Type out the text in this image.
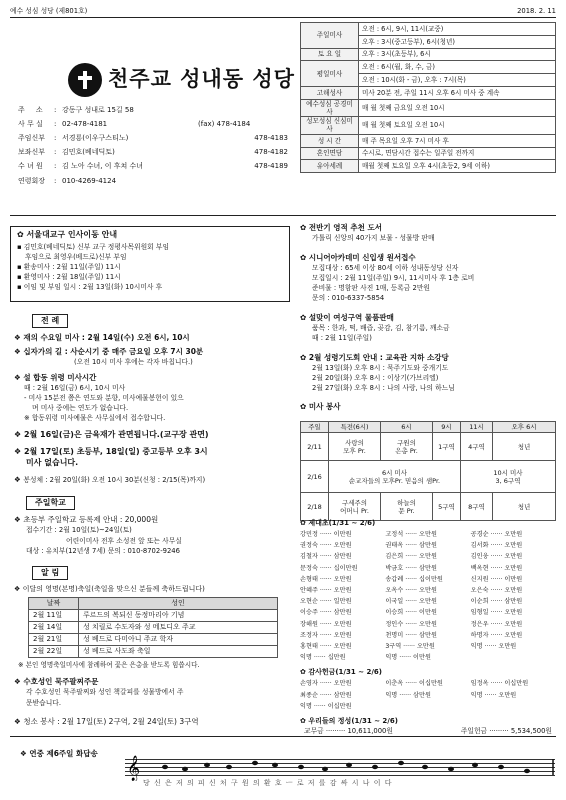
예수 성심 성당 (제801호)	2018. 2. 11
천주교 성내동 성당
주     소	: 강동구 성내로 15길 58
사 무 실	: 02-478-4181	(fax) 478-4184
주임신부	: 서경룡(이우구스티노)	478-4183
보좌신부	: 김민호(베네딕토)	478-4182
수 녀 원	: 김 노아 수녀, 이 후쳐 수녀	478-4189
연령회장	: 010-4269-4124
주일미사	오전 : 6시, 9시, 11시(교중)
	오후 : 3시(중고등부), 6시(청년)
토 요 일	오후 : 3시(초등부), 6시
평일미사	오전 : 6시(월, 화, 수, 금)
	오전 : 10시(화 - 금), 오후 : 7시(목)
고해성사	미사 20분 전, 주일 11시 오후 6시 미사 중 계속
예수성심 공경미사	매 월 첫째 금요일 오전 10시
성모성심 신심미사	매 월 첫째 토요일 오전 10시
성 시 간	매 주 목요일 오후 7시 미사 후
혼인면담	수시로, 면담시간 접수는 일주일 전까지
유아세례	매월 첫째 토요일 오후 4시(초등2, 9세 이하)
✿ 서울대교구 인사이동 안내
▪ 김민호(베네딕토) 신부 교구 정평사목위원회 부임
후임으로 최영우(베드로)신부 부임
▪ 환송미사 : 2월 11일(주일) 11시
▪ 환영미사 : 2월 18일(주일) 11시
▪ 이임 및 부임 일시 : 2월 13일(화) 10시미사 후
전 례
❖ 재의 수요일 미사 : 2월 14일(수) 오전 6시, 10시
❖ 십자가의 길 : 사순시기 중 매주 금요일 오후 7시 30분
(오전 10시 미사 후에는 각자 바칩니다.)
❖ 설 합동 위령 미사시간
때 : 2월 16일(금) 6시, 10시 미사
- 미사 15분전 쯤은 연도와 분향, 미사예물봉헌이 있으
며 미사 중에는 연도가 없습니다.
※ 합동위령 미사예물은 사무실에서 접수합니다.
❖ 2월 16일(금)은 금육재가 관면됩니다.(교구장 관면)
❖ 2월 17일(토) 초등부, 18일(일) 중고등부 오후 3시
미사 없습니다.
❖ 봉성체 : 2월 20일(화) 오전 10시 30분(신청 : 2/15(목)까지)
주일학교
❖ 초등부 주일학교 등록제 안내 : 20,000원
접수기간 : 2월 10일(토)~24일(토)
어린이미사 전후 소성전 앞 또는 사무실
대상 : 유치부(12년생 7세) 문의 : 010-8702-9246
알 림
❖ 이달의 영명(본명)축일(축일을 맞으신 분들께 축하드립니다)
날짜	성인
2월 11일	루르드의 복되신 동정마리아 기념
2월 14일	성 치릴로 수도자와 성 메토디오 주교
2월 21일	성 베드로 다미아니 주교 학자
2월 22일	성 베드로 사도좌 축일
※ 본인 영명축일미사에 참례하여 꽃은 은총을 받도록 힘씁시다.
❖ 수호성인 묵주팔찌주문
각 수호성인 묵주팔찌와 성인 책갈피를 성물방에서 주
문받습니다.
❖ 청소 봉사 : 2월 17일(토) 2구역, 2월 24일(토) 3구역
✿ 전반기 영적 추천 도서
가톨릭 신앙의 40가지 보물 - 성물방 판매
✿ 시니어아카데미 신입생 원서접수
모집대상 : 65세 이상 80세 이하 성내동성당 신자
모집일시 : 2월 11일(주일) 9시, 11시미사 후 1층 로비
준비물 : 명함판 사진 1매, 등록금 2만원
문의 : 010-6337-5854
✿ 설맞이 여성구역 물품판매
품목 : 한과, 떡, 배즙, 곶감, 김, 참기름, 깨소금
때 : 2월 11일(주일)
✿ 2월 성령기도회 안내 : 교육관 지하 소강당
2월 13일(화) 오후 8시 : 묵주기도와 중개기도
2월 20일(화) 오후 8시 : 이상기(가브리엘)
2월 27일(화) 오후 8시 : 나의 사랑, 나의 하느님
✿ 미사 봉사
주일	특전(6시)	6시	9시	11시	오후 6시
2/11	사랑의
모후 Pr.	구원의
은총 Pr.	1구역	4구역	청년
2/16	6시 미사
순교자들의 모후Pr. 믿음의 샘Pr.			10시 미사
3, 6구역	
2/18	구세주의
어머니 Pr.	하늘의
문 Pr.	5구역	8구역	청년
✿ 제대초(1/31 ~ 2/6)
강민정 ······ 이만원	고정석 ······ 오만원	공경순 ······ 오만원
권정숙 ······ 오만원	권태옥 ······ 삼만원	김서화 ······ 오만원
김철자 ······ 삼만원	김은희 ······ 오만원	김인웅 ······ 오만원
문정숙 ······ 십이만원	박금호 ······ 삼만원	백옥현 ······ 오만원
손형태 ······ 오만원	송갑례 ······ 십이만원	신지원 ······ 이만원
안혜주 ······ 오만원	오옥수 ······ 오만원	오은숙 ······ 오만원
오현순 ······ 일만원	이국일 ······ 오만원	이순희 ······ 삼만원
이승주 ······ 삼만원	이승희 ······ 이만원	임형일 ······ 오만원
장해원 ······ 오만원	정인수 ······ 오만원	정은우 ······ 오만원
조정자 ······ 오만원	천명미 ······ 삼만원	하명자 ······ 오만원
홍현태 ······ 오만원	3구역 ······ 오만원	익명 ······ 오만원
익명 ······ 십만원	익명 ······ 이만원
✿ 감사헌금(1/31 ~ 2/6)
손영자 ······ 오만원	이춘옥 ······ 이십만원	임정옥 ······ 이십만원
최종순 ······ 삼만원	익명 ······ 삼만원	익명 ······ 오만원
익명 ······ 이십만원
✿ 우리들의 정성(1/31 ~ 2/6)
교무금 ········· 10,611,000원	주일헌금 ········· 5,534,500원
❖ 연중 제6주일 화답송
𝄞
당 신 은 저 의 피 신 처 구 원 의 환 호 ㅡ 로 저 를 감 싸 시 나 이 다
